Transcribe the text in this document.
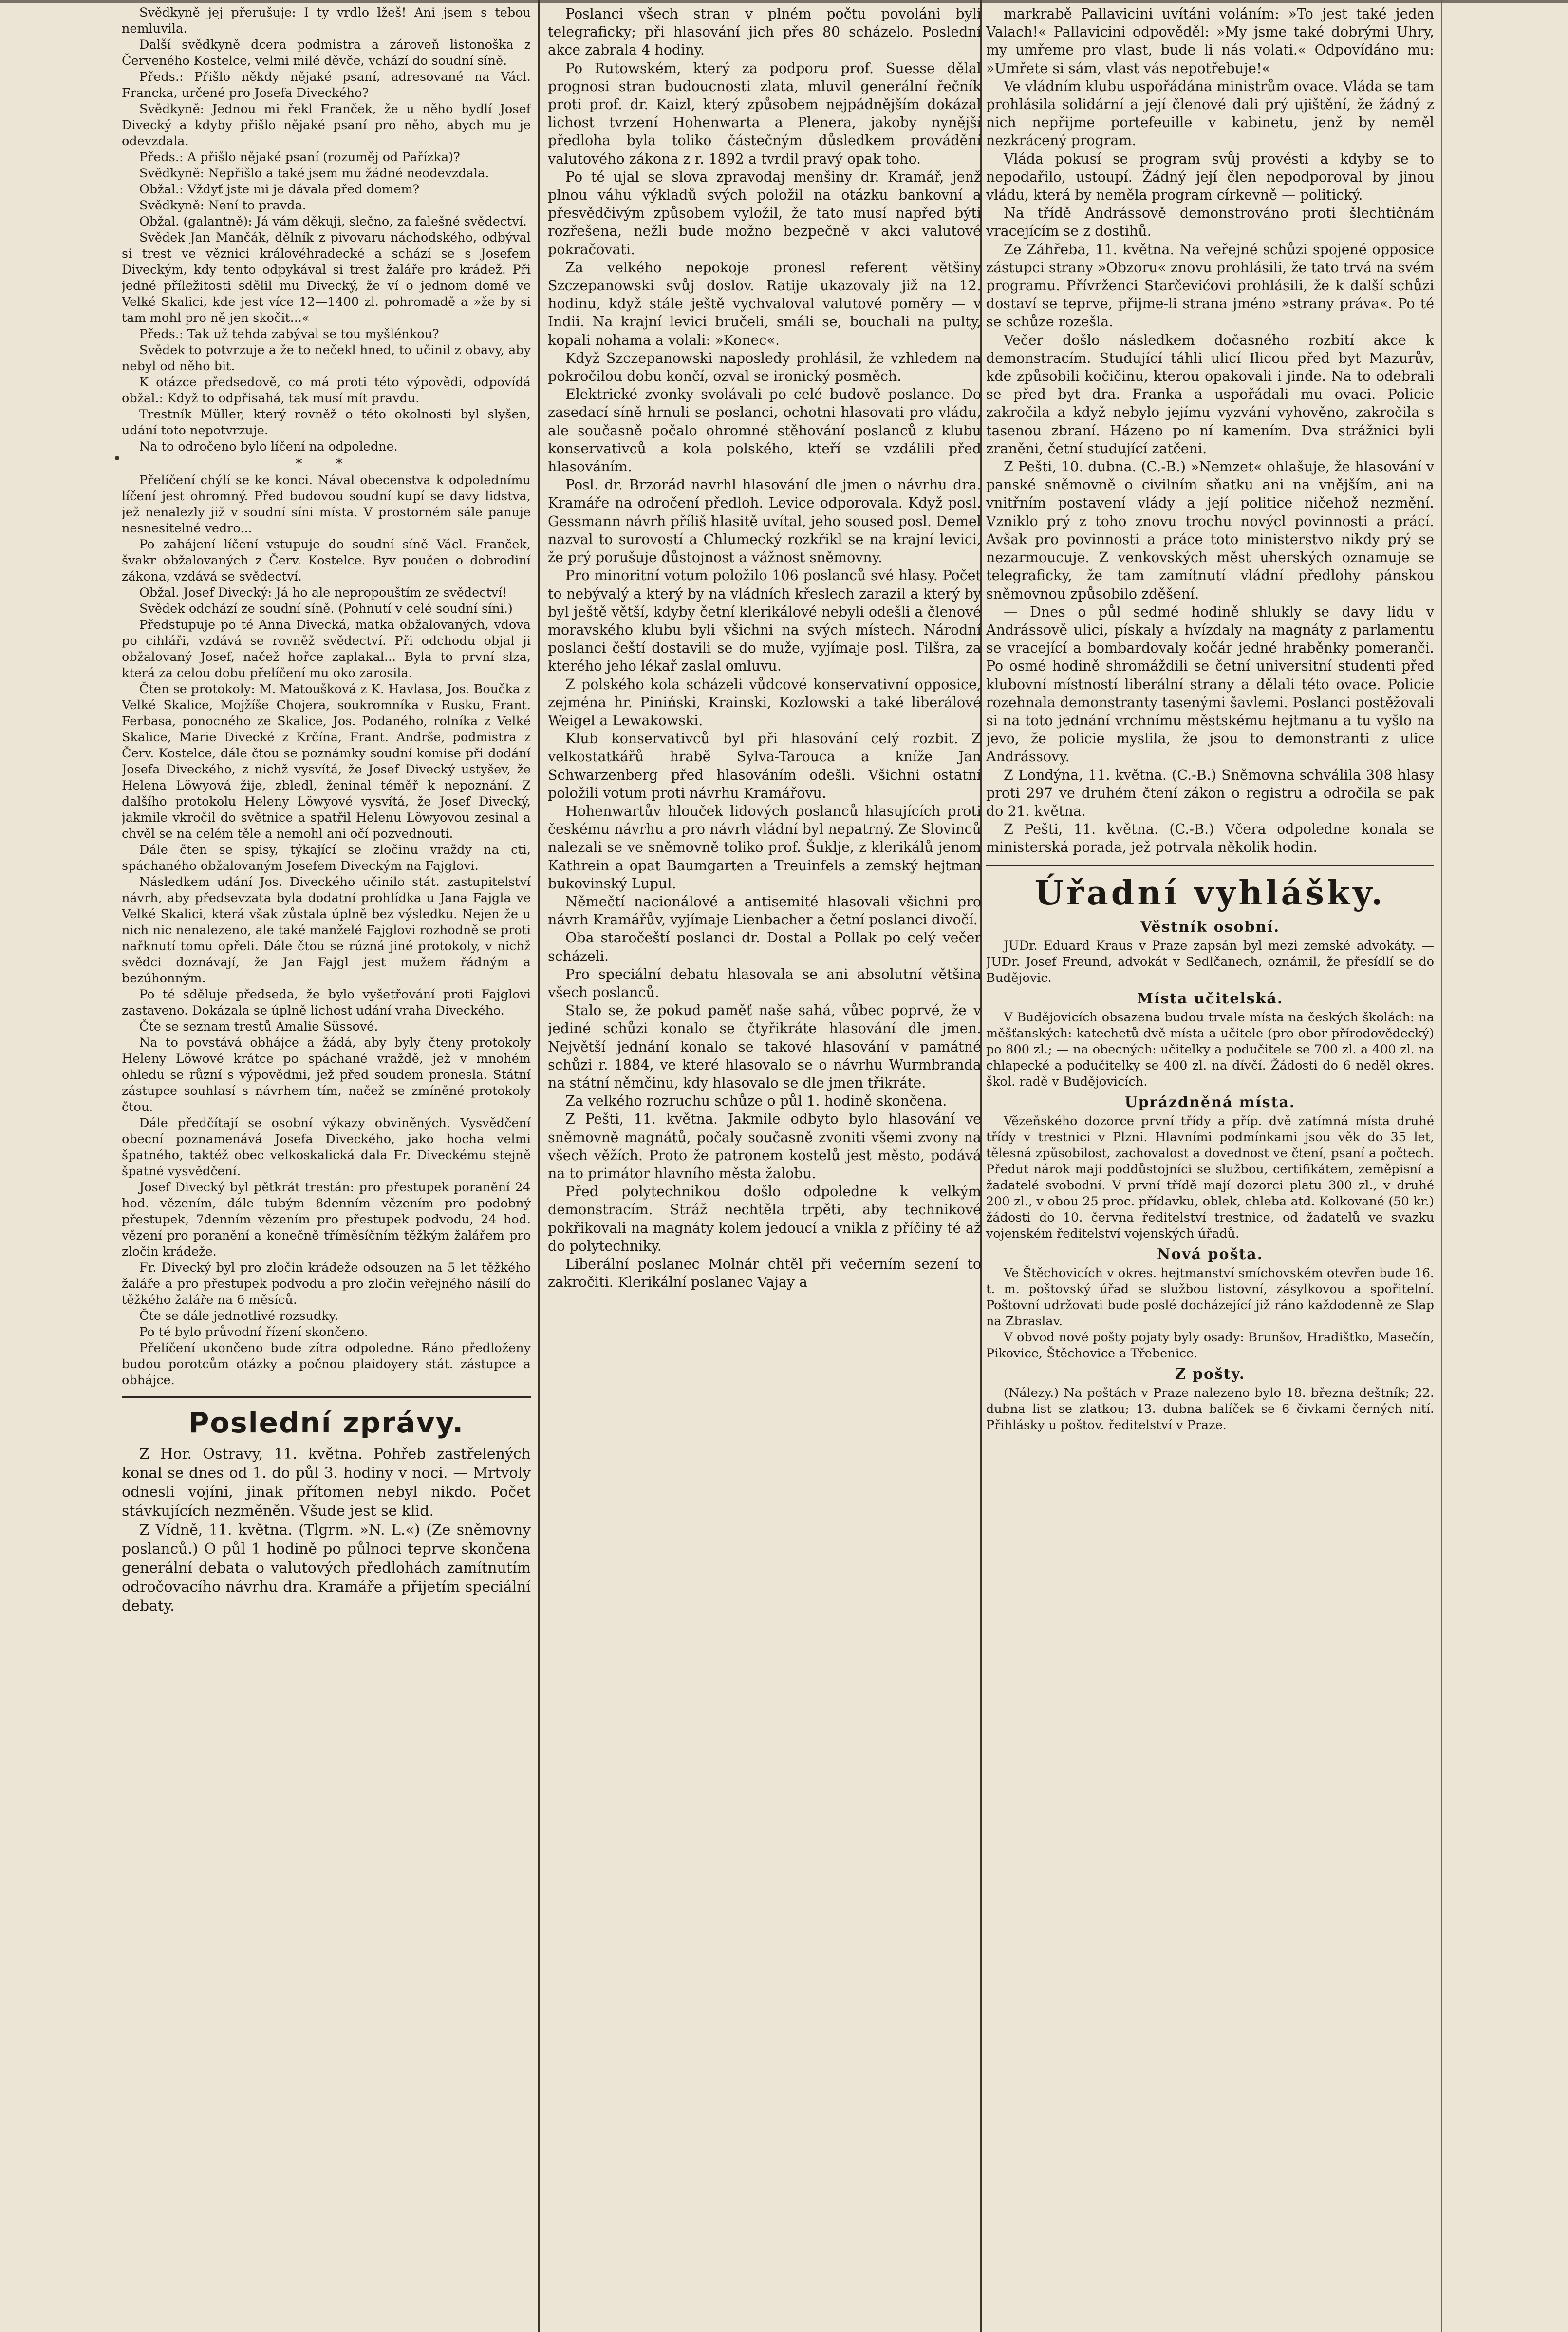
Svědkyně jej přerušuje: I ty vrdlo lžeš! Ani jsem s tebou nemluvila.

Další svědkyně dcera podmistra a zároveň listonoška z Červeného Kostelce, velmi milé děvče, vchází do soudní síně.

Předs.: Přišlo někdy nějaké psaní, adresované na Václ. Francka, určené pro Josefa Diveckého?

Svědkyně: Jednou mi řekl Franček, že u něho bydlí Josef Divecký a kdyby přišlo nějaké psaní pro něho, abych mu je odevzdala.

Předs.: A přišlo nějaké psaní (rozuměj od Pařízka)?

Svědkyně: Nepřišlo a také jsem mu žádné neodevzdala.

Obžal.: Vždyť jste mi je dávala před domem?

Svědkyně: Není to pravda.

Obžal. (galantně): Já vám děkuji, slečno, za falešné svědectví.

Svědek Jan Mančák, dělník z pivovaru náchodského, odbýval si trest ve věznici královéhradecké a schází se s Josefem Diveckým, kdy tento odpykával si trest žaláře pro krádež. Při jedné příležitosti sdělil mu Divecký, že ví o jednom domě ve Velké Skalici, kde jest více 12—1400 zl. pohromadě a »že by si tam mohl pro ně jen skočit...«

Předs.: Tak už tehda zabýval se tou myšlénkou?

Svědek to potvrzuje a že to nečekl hned, to učinil z obavy, aby nebyl od něho bit.

K otázce předsedově, co má proti této výpovědi, odpovídá obžal.: Když to odpřisahá, tak musí mít pravdu.

Trestník Müller, který rovněž o této okolnosti byl slyšen, udání toto nepotvrzuje.

Na to odročeno bylo líčení na odpoledne.

* *

Přelíčení chýlí se ke konci. Nával obecenstva k odpolednímu líčení jest ohromný. Před budovou soudní kupí se davy lidstva, jež nenalezly již v soudní síni místa. V prostorném sále panuje nesnesitelné vedro...

Po zahájení líčení vstupuje do soudní síně Václ. Franček, švakr obžalovaných z Červ. Kostelce. Byv poučen o dobrodiní zákona, vzdává se svědectví.

Obžal. Josef Divecký: Já ho ale nepropouštím ze svědectví!

Svědek odchází ze soudní síně. (Pohnutí v celé soudní síni.)

Předstupuje po té Anna Divecká, matka obžalovaných, vdova po cihláři, vzdává se rovněž svědectví. Při odchodu objal ji obžalovaný Josef, načež hořce zaplakal... Byla to první slza, která za celou dobu přelíčení mu oko zarosila.

Čten se protokoly: M. Matoušková z K. Havlasa, Jos. Boučka z Velké Skalice, Mojžíše Chojera, soukromníka v Rusku, Frant. Ferbasa, ponocného ze Skalice, Jos. Podaného, rolníka z Velké Skalice, Marie Divecké z Krčína, Frant. Andrše, podmistra z Červ. Kostelce, dále čtou se poznámky soudní komise při dodání Josefa Diveckého, z nichž vysvítá, že Josef Divecký ustyšev, že Helena Löwyová žije, zbledl, ženinal téměř k nepoznání. Z dalšího protokolu Heleny Löwyové vysvítá, že Josef Divecký, jakmile vkročil do světnice a spatřil Helenu Löwyovou zesinal a chvěl se na celém těle a nemohl ani očí pozvednouti.

Dále čten se spisy, týkající se zločinu vraždy na cti, spáchaného obžalovaným Josefem Diveckým na Fajglovi.

Následkem udání Jos. Diveckého učinilo stát. zastupitelství návrh, aby předsevzata byla dodatní prohlídka u Jana Fajgla ve Velké Skalici, která však zůstala úplně bez výsledku. Nejen že u nich nic nenalezeno, ale také manželé Fajglovi rozhodně se proti nařknutí tomu opřeli. Dále čtou se rúzná jiné protokoly, v nichž svědci doznávají, že Jan Fajgl jest mužem řádným a bezúhonným.

Po té sděluje předseda, že bylo vyšetřování proti Fajglovi zastaveno. Dokázala se úplně lichost udání vraha Diveckého.

Čte se seznam trestů Amalie Süssové.

Na to povstává obhájce a žádá, aby byly čteny protokoly Heleny Löwové krátce po spáchané vraždě, jež v mnohém ohledu se různí s výpovědmi, jež před soudem pronesla. Státní zástupce souhlasí s návrhem tím, načež se zmíněné protokoly čtou.

Dále předčítají se osobní výkazy obviněných. Vysvědčení obecní poznamenává Josefa Diveckého, jako hocha velmi špatného, taktéž obec velkoskalická dala Fr. Diveckému stejně špatné vysvědčení.

Josef Divecký byl pětkrát trestán: pro přestupek poranění 24 hod. vězením, dále tubým 8denním vězením pro podobný přestupek, 7denním vězením pro přestupek podvodu, 24 hod. vězení pro poranění a konečně tříměsíčním těžkým žalářem pro zločin krádeže.

Fr. Divecký byl pro zločin krádeže odsouzen na 5 let těžkého žaláře a pro přestupek podvodu a pro zločin veřejného násilí do těžkého žaláře na 6 měsíců.

Čte se dále jednotlivé rozsudky.

Po té bylo průvodní řízení skončeno.

Přelíčení ukončeno bude zítra odpoledne. Ráno předloženy budou porotcům otázky a počnou plaidoyery stát. zástupce a obhájce.

Poslední zprávy.

Z Hor. Ostravy, 11. května. Pohřeb zastřelených konal se dnes od 1. do půl 3. hodiny v noci. — Mrtvoly odnesli vojíni, jinak přítomen nebyl nikdo. Počet stávkujících nezměněn. Všude jest se klid.

Z Vídně, 11. května. (Tlgrm. »N. L.«) (Ze sněmovny poslanců.) O půl 1 hodině po půlnoci teprve skončena generální debata o valutových předlohách zamítnutím odročovacího návrhu dra. Kramáře a přijetím speciální debaty.

Poslanci všech stran v plném počtu povoláni byli telegraficky; při hlasování jich přes 80 scházelo. Poslední akce zabrala 4 hodiny.

Po Rutowském, který za podporu prof. Suesse dělal prognosi stran budoucnosti zlata, mluvil generální řečník proti prof. dr. Kaizl, který způsobem nejpádnějším dokázal lichost tvrzení Hohenwarta a Plenera, jakoby nynější předloha byla toliko částečným důsledkem provádění valutového zákona z r. 1892 a tvrdil pravý opak toho.

Po té ujal se slova zpravodaj menšiny dr. Kramář, jenž plnou váhu výkladů svých položil na otázku bankovní a přesvědčivým způsobem vyložil, že tato musí napřed býti rozřešena, nežli bude možno bezpečně v akci valutové pokračovati.

Za velkého nepokoje pronesl referent většiny Szczepanowski svůj doslov. Ratije ukazovaly již na 12. hodinu, když stále ještě vychvaloval valutové poměry — v Indii. Na krajní levici bručeli, smáli se, bouchali na pulty, kopali nohama a volali: »Konec«.

Když Szczepanowski naposledy prohlásil, že vzhledem na pokročilou dobu končí, ozval se ironický posměch.

Elektrické zvonky svolávali po celé budově poslance. Do zasedací síně hrnuli se poslanci, ochotni hlasovati pro vládu, ale současně počalo ohromné stěhování poslanců z klubu konservativců a kola polského, kteří se vzdálili před hlasováním.

Posl. dr. Brzorád navrhl hlasování dle jmen o návrhu dra. Kramáře na odročení předloh. Levice odporovala. Když posl. Gessmann návrh příliš hlasitě uvítal, jeho soused posl. Demel nazval to surovostí a Chlumecký rozkřikl se na krajní levici, že prý porušuje důstojnost a vážnost sněmovny.

Pro minoritní votum položilo 106 poslanců své hlasy. Počet to nebývalý a který by na vládních křeslech zarazil a který by byl ještě větší, kdyby četní klerikálové nebyli odešli a členové moravského klubu byli všichni na svých místech. Národní poslanci čeští dostavili se do muže, vyjímaje posl. Tilšra, za kterého jeho lékař zaslal omluvu.

Z polského kola scházeli vůdcové konservativní opposice, zejména hr. Piniński, Krainski, Kozlowski a také liberálové Weigel a Lewakowski.

Klub konservativců byl při hlasování celý rozbit. Z velkostatkářů hrabě Sylva-Tarouca a kníže Jan Schwarzenberg před hlasováním odešli. Všichni ostatní položili votum proti návrhu Kramářovu.

Hohenwartův hlouček lidových poslanců hlasujících proti českému návrhu a pro návrh vládní byl nepatrný. Ze Slovinců nalezali se ve sněmovně toliko prof. Šuklje, z klerikálů jenom Kathrein a opat Baumgarten a Treuinfels a zemský hejtman bukovinský Lupul.

Němečtí nacionálové a antisemité hlasovali všichni pro návrh Kramářův, vyjímaje Lienbacher a četní poslanci divočí.

Oba staročeští poslanci dr. Dostal a Pollak po celý večer scházeli.

Pro speciální debatu hlasovala se ani absolutní většina všech poslanců.

Stalo se, že pokud paměť naše sahá, vůbec poprvé, že v jediné schůzi konalo se čtyřikráte hlasování dle jmen. Největší jednání konalo se takové hlasování v památné schůzi r. 1884, ve které hlasovalo se o návrhu Wurmbranda na státní němčinu, kdy hlasovalo se dle jmen třikráte.

Za velkého rozruchu schůze o půl 1. hodině skončena.

Z Pešti, 11. května. Jakmile odbyto bylo hlasování ve sněmovně magnátů, počaly současně zvoniti všemi zvony na všech věžích. Proto že patronem kostelů jest město, podává na to primátor hlavního města žalobu.

Před polytechnikou došlo odpoledne k velkým demonstracím. Stráž nechtěla trpěti, aby technikové pokřikovali na magnáty kolem jedoucí a vnikla z příčiny té až do polytechniky.

Liberální poslanec Molnár chtěl při večerním sezení to zakročiti. Klerikální poslanec Vajay a

markrabě Pallavicini uvítáni voláním: »To jest také jeden Valach!« Pallavicini odpověděl: »My jsme také dobrými Uhry, my umřeme pro vlast, bude li nás volati.« Odpovídáno mu: »Umřete si sám, vlast vás nepotřebuje!«

Ve vládním klubu uspořádána ministrům ovace. Vláda se tam prohlásila solidární a její členové dali prý ujištění, že žádný z nich nepřijme portefeuille v kabinetu, jenž by neměl nezkrácený program.

Vláda pokusí se program svůj provésti a kdyby se to nepodařilo, ustoupí. Žádný její člen nepodporoval by jinou vládu, která by neměla program církevně — politický.

Na třídě Andrássově demonstrováno proti šlechtičnám vracejícím se z dostihů.

Ze Záhřeba, 11. května. Na veřejné schůzi spojené opposice zástupci strany »Obzoru« znovu prohlásili, že tato trvá na svém programu. Přívrženci Starčevićovi prohlásili, že k další schůzi dostaví se teprve, přijme-li strana jméno »strany práva«. Po té se schůze rozešla.

Večer došlo následkem dočasného rozbití akce k demonstracím. Studující táhli ulicí Ilicou před byt Mazurův, kde způsobili kočičinu, kterou opakovali i jinde. Na to odebrali se před byt dra. Franka a uspořádali mu ovaci. Policie zakročila a když nebylo jejímu vyzvání vyhověno, zakročila s tasenou zbraní. Házeno po ní kamením. Dva strážnici byli zraněni, četní studující zatčeni.

Z Pešti, 10. dubna. (C.-B.) »Nemzet« ohlašuje, že hlasování v panské sněmovně o civilním sňatku ani na vnějším, ani na vnitřním postavení vlády a její politice ničehož nezmění. Vzniklo prý z toho znovu trochu novýcl povinnosti a prácí. Avšak pro povinnosti a práce toto ministerstvo nikdy prý se nezarmoucuje. Z venkovských měst uherských oznamuje se telegraficky, že tam zamítnutí vládní předlohy pánskou sněmovnou způsobilo zděšení.

— Dnes o půl sedmé hodině shlukly se davy lidu v Andrássově ulici, pískaly a hvízdaly na magnáty z parlamentu se vracející a bombardovaly kočár jedné hraběnky pomeranči. Po osmé hodině shromáždili se četní universitní studenti před klubovní místností liberální strany a dělali této ovace. Policie rozehnala demonstranty tasenými šavlemi. Poslanci postěžovali si na toto jednání vrchnímu městskému hejtmanu a tu vyšlo na jevo, že policie myslila, že jsou to demonstranti z ulice Andrássovy.

Z Londýna, 11. května. (C.-B.) Sněmovna schválila 308 hlasy proti 297 ve druhém čtení zákon o registru a odročila se pak do 21. května.

Z Pešti, 11. května. (C.-B.) Včera odpoledne konala se ministerská porada, jež potrvala několik hodin.

Úřadní vyhlášky.
Věstník osobní.

JUDr. Eduard Kraus v Praze zapsán byl mezi zemské advokáty. — JUDr. Josef Freund, advokát v Sedlčanech, oznámil, že přesídlí se do Budějovic.

Místa učitelská.

V Budějovicích obsazena budou trvale místa na českých školách: na měšťanských: katechetů dvě místa a učitele (pro obor přírodovědecký) po 800 zl.; — na obecných: učitelky a podučitele se 700 zl. a 400 zl. na chlapecké a podučitelky se 400 zl. na dívčí. Žádosti do 6 neděl okres. škol. radě v Budějovicích.

Uprázdněná místa.

Vězeňského dozorce první třídy a příp. dvě zatímná místa druhé třídy v trestnici v Plzni. Hlavními podmínkami jsou věk do 35 let, tělesná způsobilost, zachovalost a dovednost ve čtení, psaní a počtech. Předut nárok mají poddůstojníci se službou, certifikátem, zeměpisní a žadatelé svobodní. V první třídě mají dozorci platu 300 zl., v druhé 200 zl., v obou 25 proc. přídavku, oblek, chleba atd. Kolkované (50 kr.) žádosti do 10. června ředitelství trestnice, od žadatelů ve svazku vojenském ředitelství vojenských úřadů.

Nová pošta.

Ve Štěchovicích v okres. hejtmanství smíchovském otevřen bude 16. t. m. poštovský úřad se službou listovní, zásylkovou a spořitelní. Poštovní udržovati bude poslé docházející již ráno každodenně ze Slap na Zbraslav.

V obvod nové pošty pojaty byly osady: Brunšov, Hradištko, Masečín, Pikovice, Štěchovice a Třebenice.

Z pošty.

(Nálezy.) Na poštách v Praze nalezeno bylo 18. března deštník; 22. dubna list se zlatkou; 13. dubna balíček se 6 čivkami černých nití. Přihlásky u poštov. ředitelství v Praze.
